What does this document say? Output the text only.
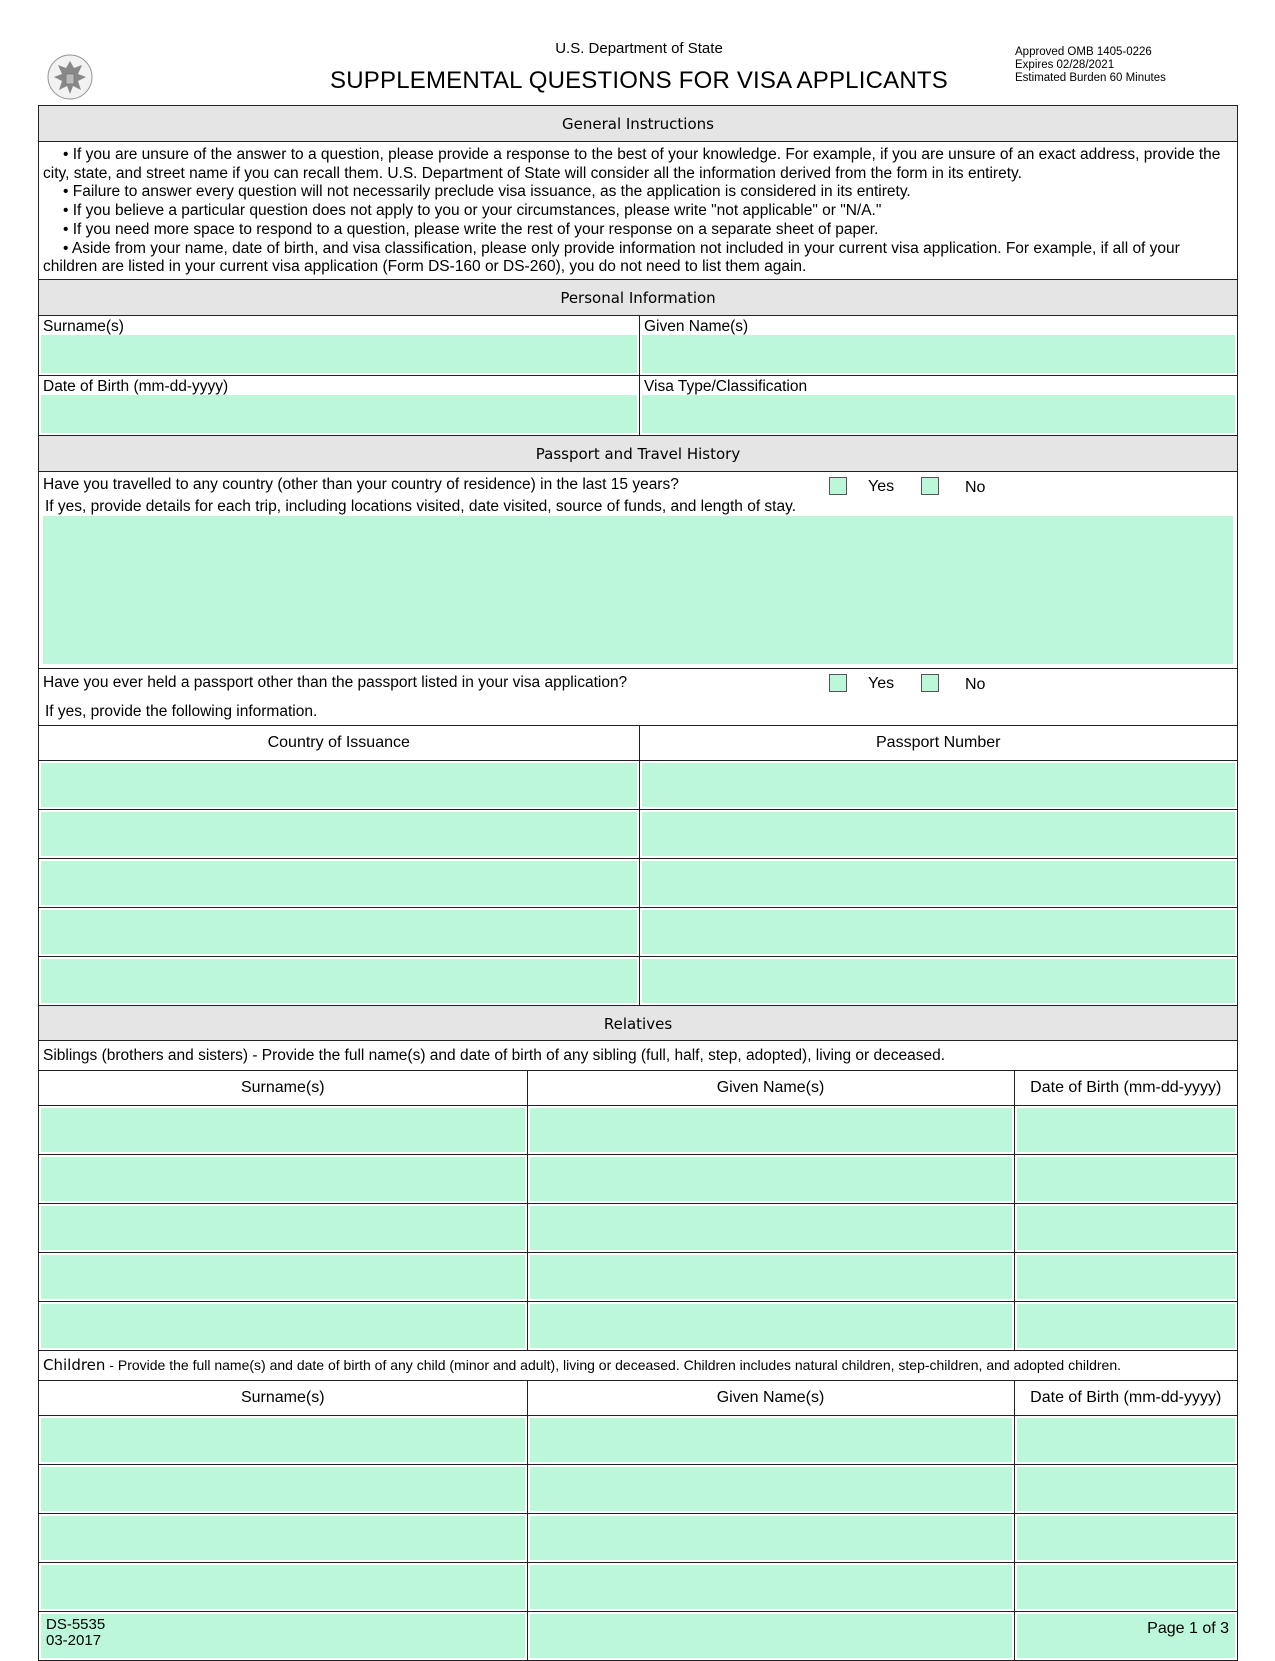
U.S. Department of State
SUPPLEMENTAL QUESTIONS FOR VISA APPLICANTS
Approved OMB 1405-0226
Expires 02/28/2021
Estimated Burden 60 Minutes
General Instructions

• If you are unsure of the answer to a question, please provide a response to the best of your knowledge. For example, if you are unsure of an exact address, provide the city, state, and street name if you can recall them. U.S. Department of State will consider all the information derived from the form in its entirety.

• Failure to answer every question will not necessarily preclude visa issuance, as the application is considered in its entirety.

• If you believe a particular question does not apply to you or your circumstances, please write "not applicable" or "N/A."

• If you need more space to respond to a question, please write the rest of your response on a separate sheet of paper.

• Aside from your name, date of birth, and visa classification, please only provide information not included in your current visa application. For example, if all of your children are listed in your current visa application (Form DS-160 or DS-260), you do not need to list them again.

Personal Information
Surname(s)	Given Name(s)
Date of Birth (mm-dd-yyyy)	Visa Type/Classification
Passport and Travel History
Have you travelled to any country (other than your country of residence) in the last 15 years?	Yes	No
If yes, provide details for each trip, including locations visited, date visited, source of funds, and length of stay.
Have you ever held a passport other than the passport listed in your visa application?	Yes	No
If yes, provide the following information.
Country of Issuance	Passport Number

Relatives
Siblings (brothers and sisters) - Provide the full name(s) and date of birth of any sibling (full, half, step, adopted), living or deceased.
Surname(s)	Given Name(s)	Date of Birth (mm-dd-yyyy)

Children - Provide the full name(s) and date of birth of any child (minor and adult), living or deceased. Children includes natural children, step-children, and adopted children.
Surname(s)	Given Name(s)	Date of Birth (mm-dd-yyyy)

DS-5535
03-2017
Page 1 of 3
